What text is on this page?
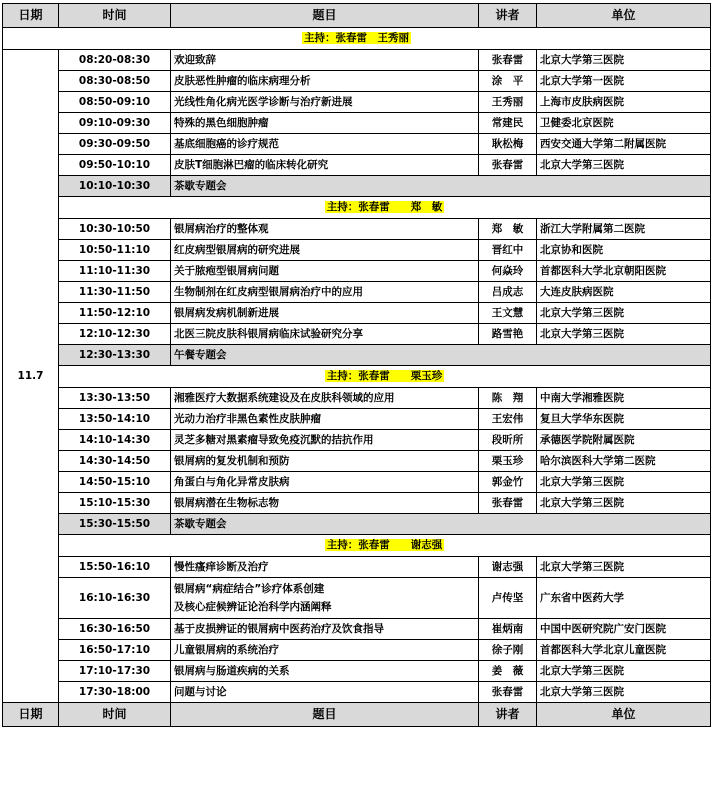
日期	时间	题目	讲者	单位
主持：张春雷　王秀丽				
11.7	08:20-08:30	欢迎致辞	张春雷	北京大学第三医院
	08:30-08:50	皮肤恶性肿瘤的临床病理分析	涂　平	北京大学第一医院
	08:50-09:10	光线性角化病光医学诊断与治疗新进展	王秀丽	上海市皮肤病医院
	09:10-09:30	特殊的黑色细胞肿瘤	常建民	卫健委北京医院
	09:30-09:50	基底细胞癌的诊疗规范	耿松梅	西安交通大学第二附属医院
	09:50-10:10	皮肤T细胞淋巴瘤的临床转化研究	张春雷	北京大学第三医院
	10:10-10:30	茶歇专题会		
	主持：张春雷　　郑　敏			
	10:30-10:50	银屑病治疗的整体观	郑　敏	浙江大学附属第二医院
	10:50-11:10	红皮病型银屑病的研究进展	晋红中	北京协和医院
	11:10-11:30	关于脓疱型银屑病问题	何焱玲	首都医科大学北京朝阳医院
	11:30-11:50	生物制剂在红皮病型银屑病治疗中的应用	吕成志	大连皮肤病医院
	11:50-12:10	银屑病发病机制新进展	王文慧	北京大学第三医院
	12:10-12:30	北医三院皮肤科银屑病临床试验研究分享	路雪艳	北京大学第三医院
	12:30-13:30	午餐专题会		
	主持：张春雷　　栗玉珍			
	13:30-13:50	湘雅医疗大数据系统建设及在皮肤科领域的应用	陈　翔	中南大学湘雅医院
	13:50-14:10	光动力治疗非黑色素性皮肤肿瘤	王宏伟	复旦大学华东医院
	14:10-14:30	灵芝多糖对黑素瘤导致免疫沉默的拮抗作用	段昕所	承德医学院附属医院
	14:30-14:50	银屑病的复发机制和预防	栗玉珍	哈尔滨医科大学第二医院
	14:50-15:10	角蛋白与角化异常皮肤病	郭金竹	北京大学第三医院
	15:10-15:30	银屑病潜在生物标志物	张春雷	北京大学第三医院
	15:30-15:50	茶歇专题会		
	主持：张春雷　　谢志强			
	15:50-16:10	慢性瘙痒诊断及治疗	谢志强	北京大学第三医院
	16:10-16:30	银屑病“病症结合”诊疗体系创建
及核心症候辨证论治科学内涵阐释	卢传坚	广东省中医药大学
	16:30-16:50	基于皮损辨证的银屑病中医药治疗及饮食指导	崔炳南	中国中医研究院广安门医院
	16:50-17:10	儿童银屑病的系统治疗	徐子刚	首都医科大学北京儿童医院
	17:10-17:30	银屑病与肠道疾病的关系	姜　薇	北京大学第三医院
	17:30-18:00	问题与讨论	张春雷	北京大学第三医院
日期	时间	题目	讲者	单位
